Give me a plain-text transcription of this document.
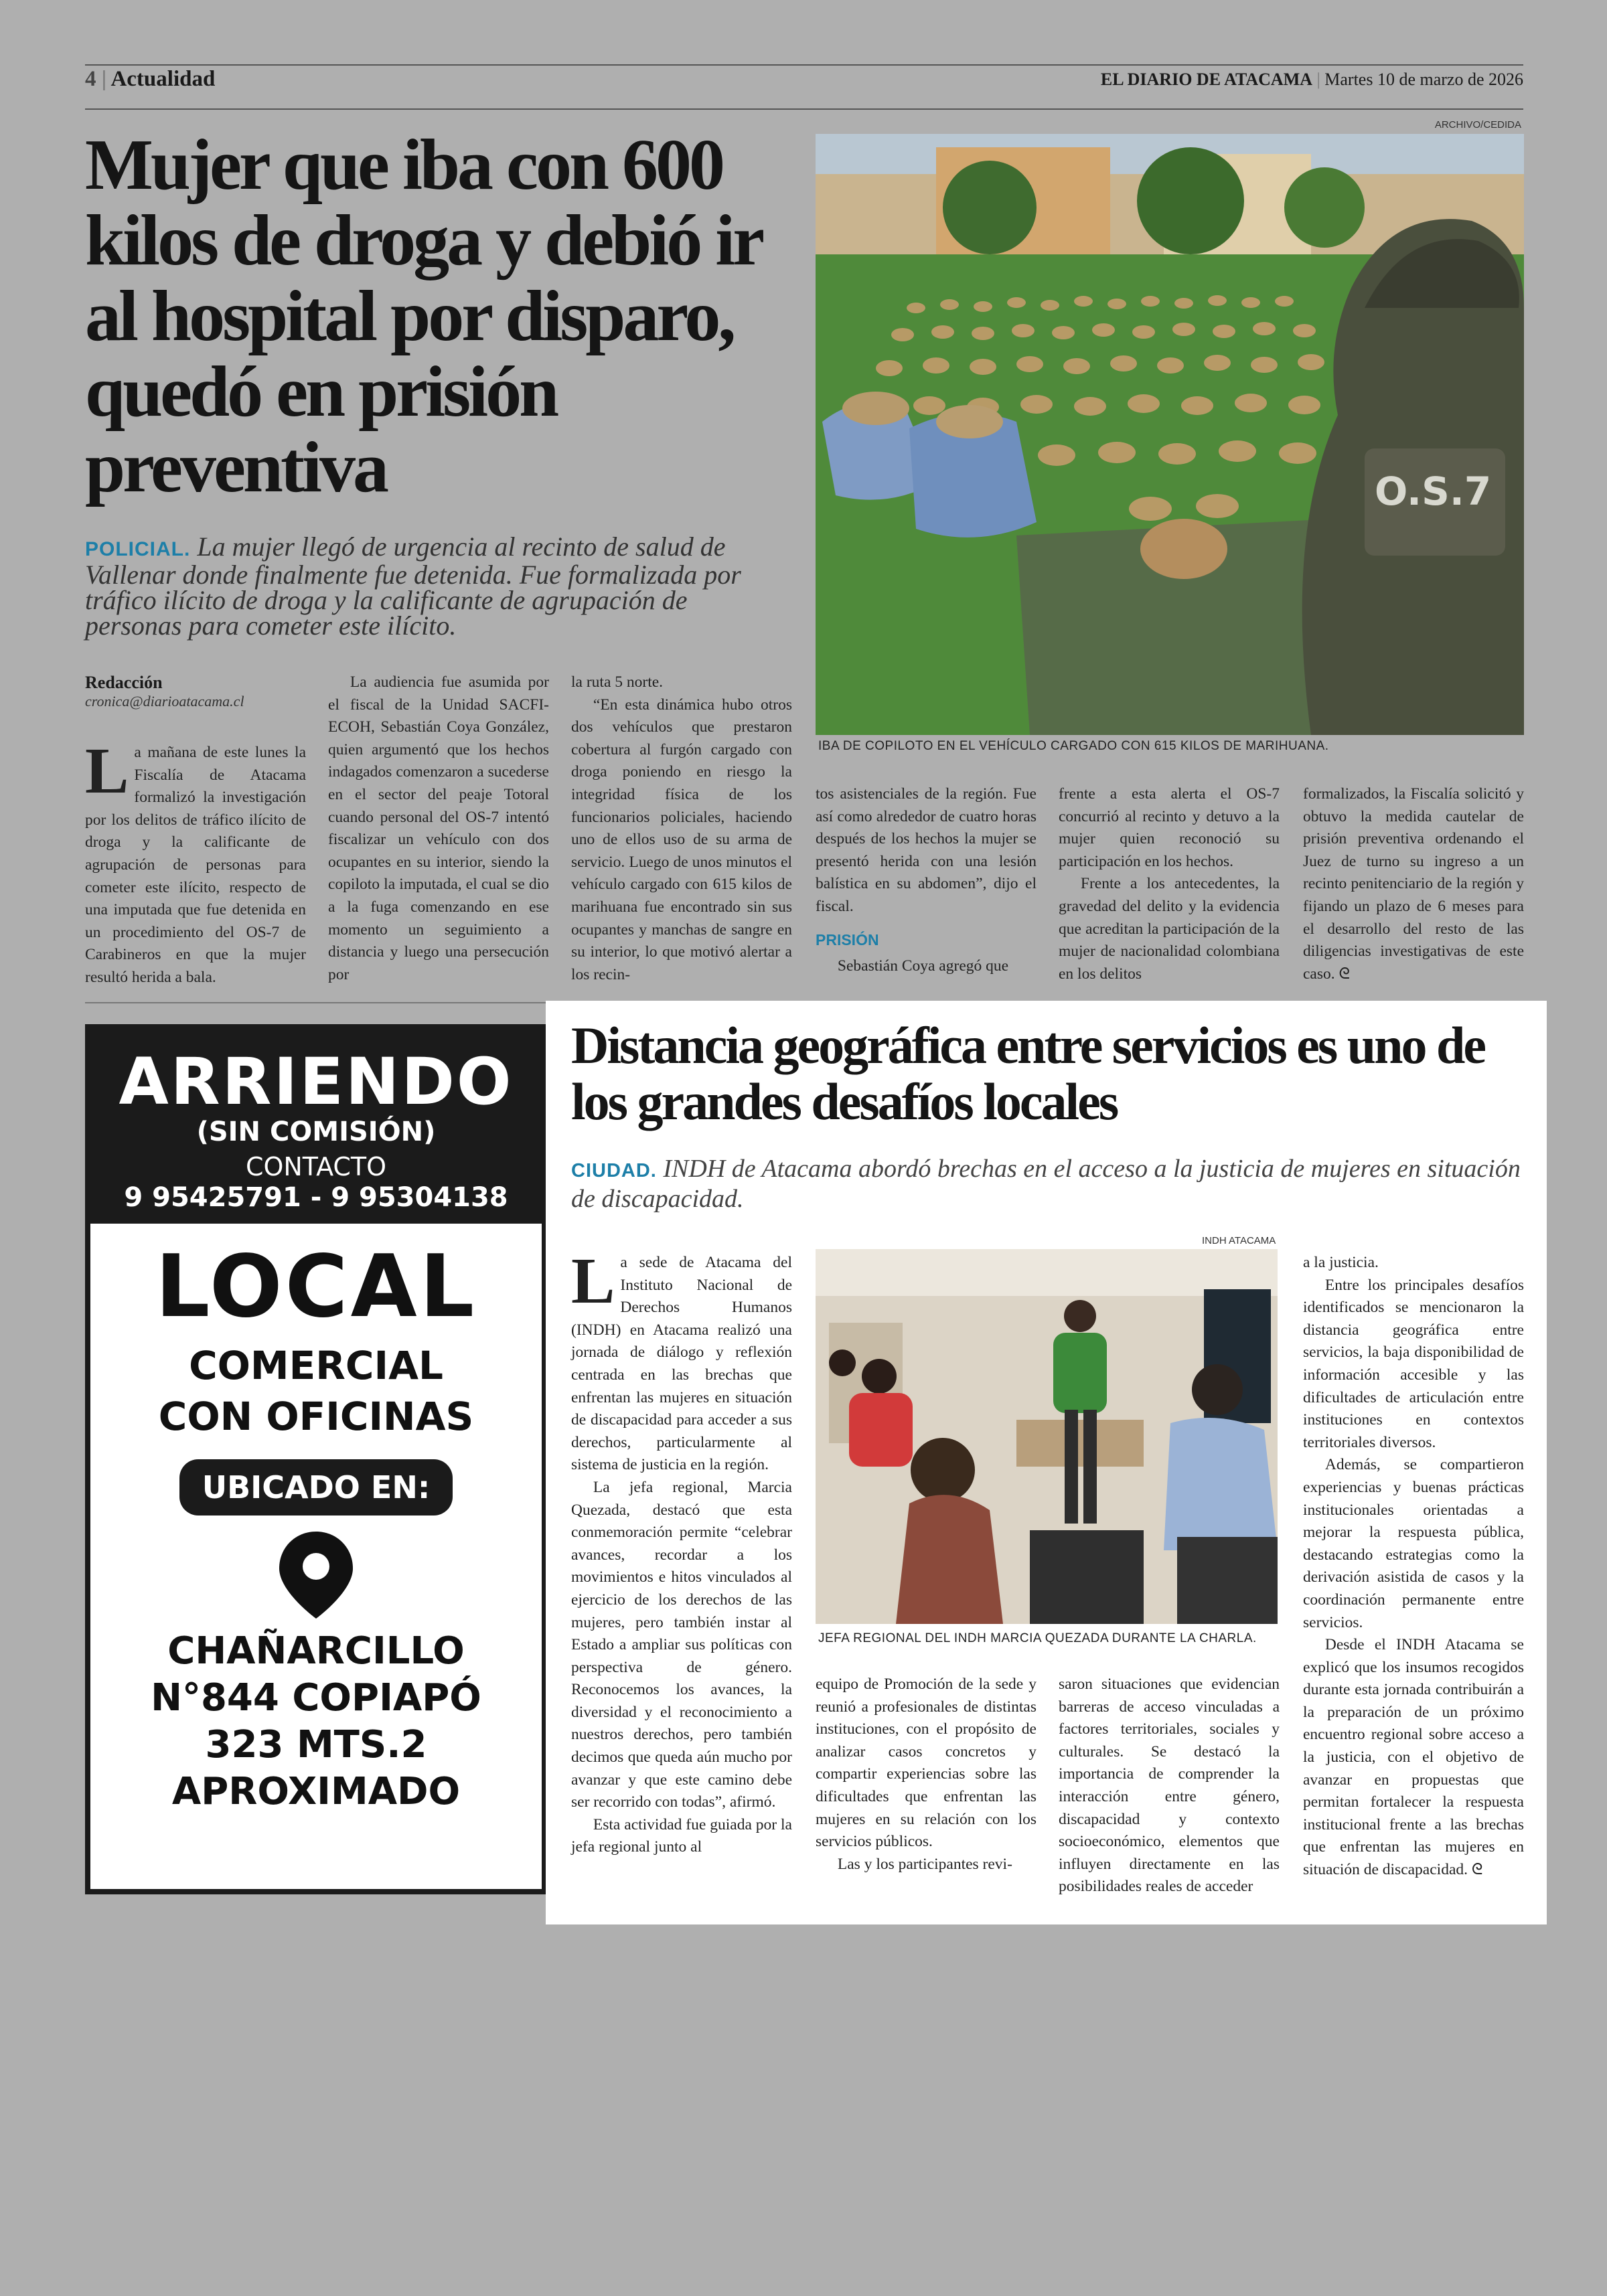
4 | Actualidad	EL DIARIO DE ATACAMA | Martes 10 de marzo de 2026
Mujer que iba con 600 kilos de droga y debió ir al hospital por disparo, quedó en prisión preventiva
ARCHIVO/CEDIDA
O.S.7
IBA DE COPILOTO EN EL VEHÍCULO CARGADO CON 615 KILOS DE MARIHUANA.
POLICIAL. La mujer llegó de urgencia al recinto de salud de Vallenar donde finalmente fue detenida. Fue formalizada por tráfico ilícito de droga y la calificante de agrupación de personas para cometer este ilícito.
Redacción
cronica@diarioatacama.cl

La mañana de este lunes la Fiscalía de Atacama formalizó la investigación por los delitos de tráfico ilícito de droga y la calificante de agrupación de personas para cometer este ilícito, respecto de una imputada que fue detenida en un procedimiento del OS-7 de Carabineros en que la mujer resultó herida a bala.

La audiencia fue asumida por el fiscal de la Unidad SACFI-ECOH, Sebastián Coya González, quien argumentó que los hechos indagados comenzaron a sucederse en el sector del peaje Totoral cuando personal del OS-7 intentó fiscalizar un vehículo con dos ocupantes en su interior, siendo la copiloto la imputada, el cual se dio a la fuga comenzando en ese momento un seguimiento a distancia y luego una persecución por

la ruta 5 norte.

“En esta dinámica hubo otros dos vehículos que prestaron cobertura al furgón cargado con droga poniendo en riesgo la integridad física de los funcionarios policiales, haciendo uno de ellos uso de su arma de servicio. Luego de unos minutos el vehículo cargado con 615 kilos de marihuana fue encontrado sin sus ocupantes y manchas de sangre en su interior, lo que motivó alertar a los recin-

tos asistenciales de la región. Fue así como alrededor de cuatro horas después de los hechos la mujer se presentó herida con una lesión balística en su abdomen”, dijo el fiscal.

PRISIÓN

Sebastián Coya agregó que

frente a esta alerta el OS-7 concurrió al recinto y detuvo a la mujer quien reconoció su participación en los hechos.

Frente a los antecedentes, la gravedad del delito y la evidencia que acreditan la participación de la mujer de nacionalidad colombiana en los delitos

formalizados, la Fiscalía solicitó y obtuvo la medida cautelar de prisión preventiva ordenando el Juez de turno su ingreso a un recinto penitenciario de la región y fijando un plazo de 6 meses para el desarrollo del resto de las diligencias investigativas de este caso. ᘓ

ARRIENDO
(SIN COMISIÓN)
CONTACTO
9 95425791 - 9 95304138
LOCAL
COMERCIAL
CON OFICINAS
UBICADO EN:
CHAÑARCILLO
N°844 COPIAPÓ
323 MTS.2
APROXIMADO
Distancia geográfica entre servicios es uno de los grandes desafíos locales
CIUDAD. INDH de Atacama abordó brechas en el acceso a la justicia de mujeres en situación de discapacidad.
INDH ATACAMA
JEFA REGIONAL DEL INDH MARCIA QUEZADA DURANTE LA CHARLA.

La sede de Atacama del Instituto Nacional de Derechos Humanos (INDH) en Atacama realizó una jornada de diálogo y reflexión centrada en las brechas que enfrentan las mujeres en situación de discapacidad para acceder a sus derechos, particularmente al sistema de justicia en la región.

La jefa regional, Marcia Quezada, destacó que esta conmemoración permite “celebrar avances, recordar a los movimientos e hitos vinculados al ejercicio de los derechos de las mujeres, pero también instar al Estado a ampliar sus políticas con perspectiva de género. Reconocemos los avances, la diversidad y el reconocimiento a nuestros derechos, pero también decimos que queda aún mucho por avanzar y que este camino debe ser recorrido con todas”, afirmó.

Esta actividad fue guiada por la jefa regional junto al

equipo de Promoción de la sede y reunió a profesionales de distintas instituciones, con el propósito de analizar casos concretos y compartir experiencias sobre las dificultades que enfrentan las mujeres en su relación con los servicios públicos.

Las y los participantes revi-

saron situaciones que evidencian barreras de acceso vinculadas a factores territoriales, sociales y culturales. Se destacó la importancia de comprender la interacción entre género, discapacidad y contexto socioeconómico, elementos que influyen directamente en las posibilidades reales de acceder

a la justicia.

Entre los principales desafíos identificados se mencionaron la distancia geográfica entre servicios, la baja disponibilidad de información accesible y las dificultades de articulación entre instituciones en contextos territoriales diversos.

Además, se compartieron experiencias y buenas prácticas institucionales orientadas a mejorar la respuesta pública, destacando estrategias como la derivación asistida de casos y la coordinación permanente entre servicios.

Desde el INDH Atacama se explicó que los insumos recogidos durante esta jornada contribuirán a la preparación de un próximo encuentro regional sobre acceso a la justicia, con el objetivo de avanzar en propuestas que permitan fortalecer la respuesta institucional frente a las brechas que enfrentan las mujeres en situación de discapacidad. ᘓ
